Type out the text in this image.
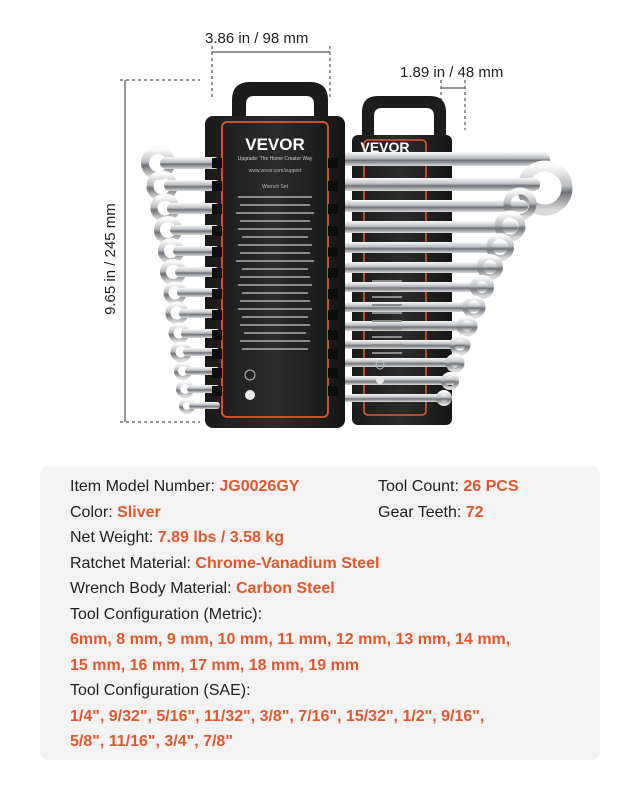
VEVOR
Upgrade: The Home Creator Way
www.vevor.com/support
Wrench Set
VEVOR
3.86 in / 98 mm
1.89 in / 48 mm
9.65 in / 245 mm
Item Model Number: JG0026GY	Tool Count: 26 PCS
Color: Sliver	Gear Teeth: 72
Net Weight: 7.89 lbs / 3.58 kg
Ratchet Material: Chrome-Vanadium Steel
Wrench Body Material: Carbon Steel
Tool Configuration (Metric):
6mm, 8 mm, 9 mm, 10 mm, 11 mm, 12 mm, 13 mm, 14 mm,
15 mm, 16 mm, 17 mm, 18 mm, 19 mm
Tool Configuration (SAE):
1/4", 9/32", 5/16", 11/32", 3/8", 7/16", 15/32", 1/2", 9/16",
5/8", 11/16", 3/4", 7/8"
